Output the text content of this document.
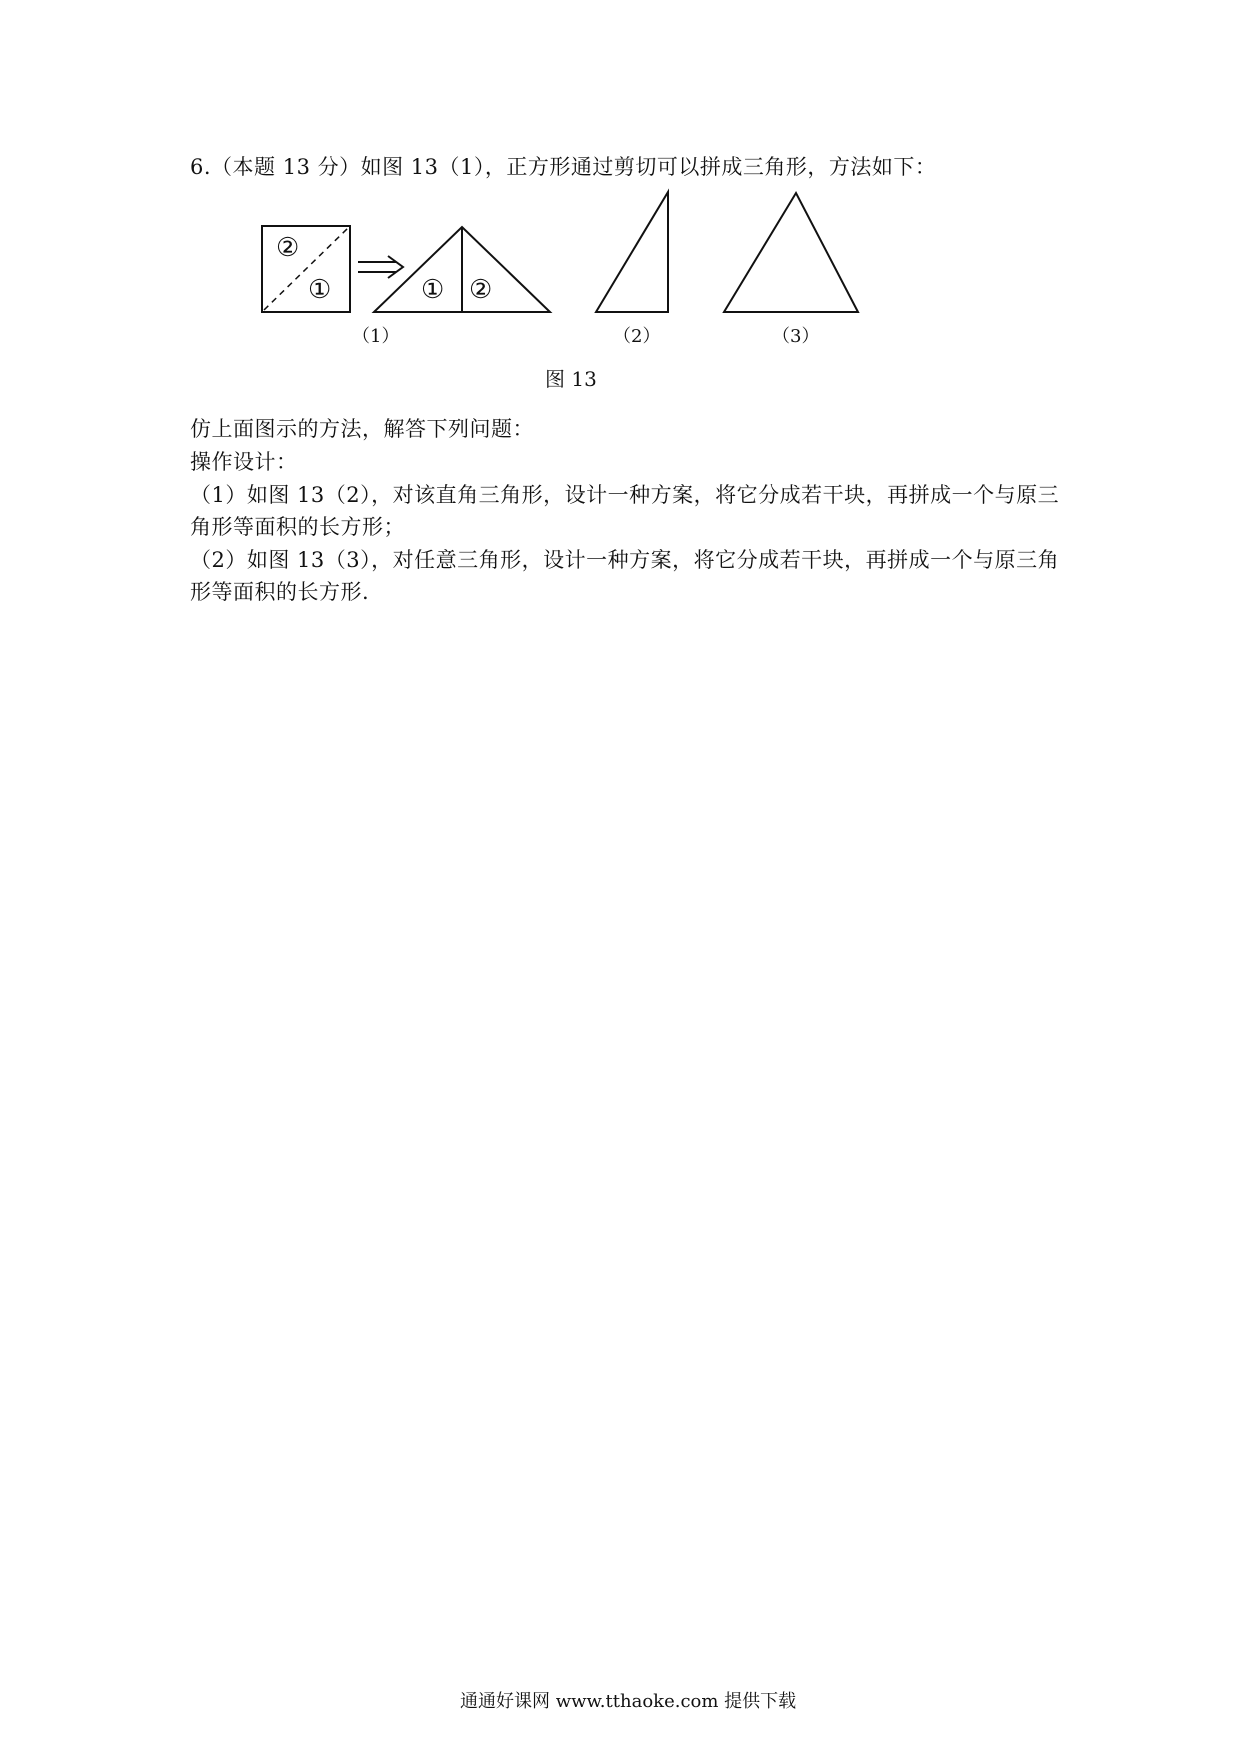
6.（本题 13 分）如图 13（1），正方形通过剪切可以拼成三角形，方法如下：
②
①	① ②
（1）	（2）	（3）
图 13
仿上面图示的方法，解答下列问题：
操作设计：
（1）如图 13（2），对该直角三角形，设计一种方案，将它分成若干块，再拼成一个与原三
角形等面积的长方形；
（2）如图 13（3），对任意三角形，设计一种方案，将它分成若干块，再拼成一个与原三角
形等面积的长方形.
通通好课网 www.tthaoke.com 提供下载
